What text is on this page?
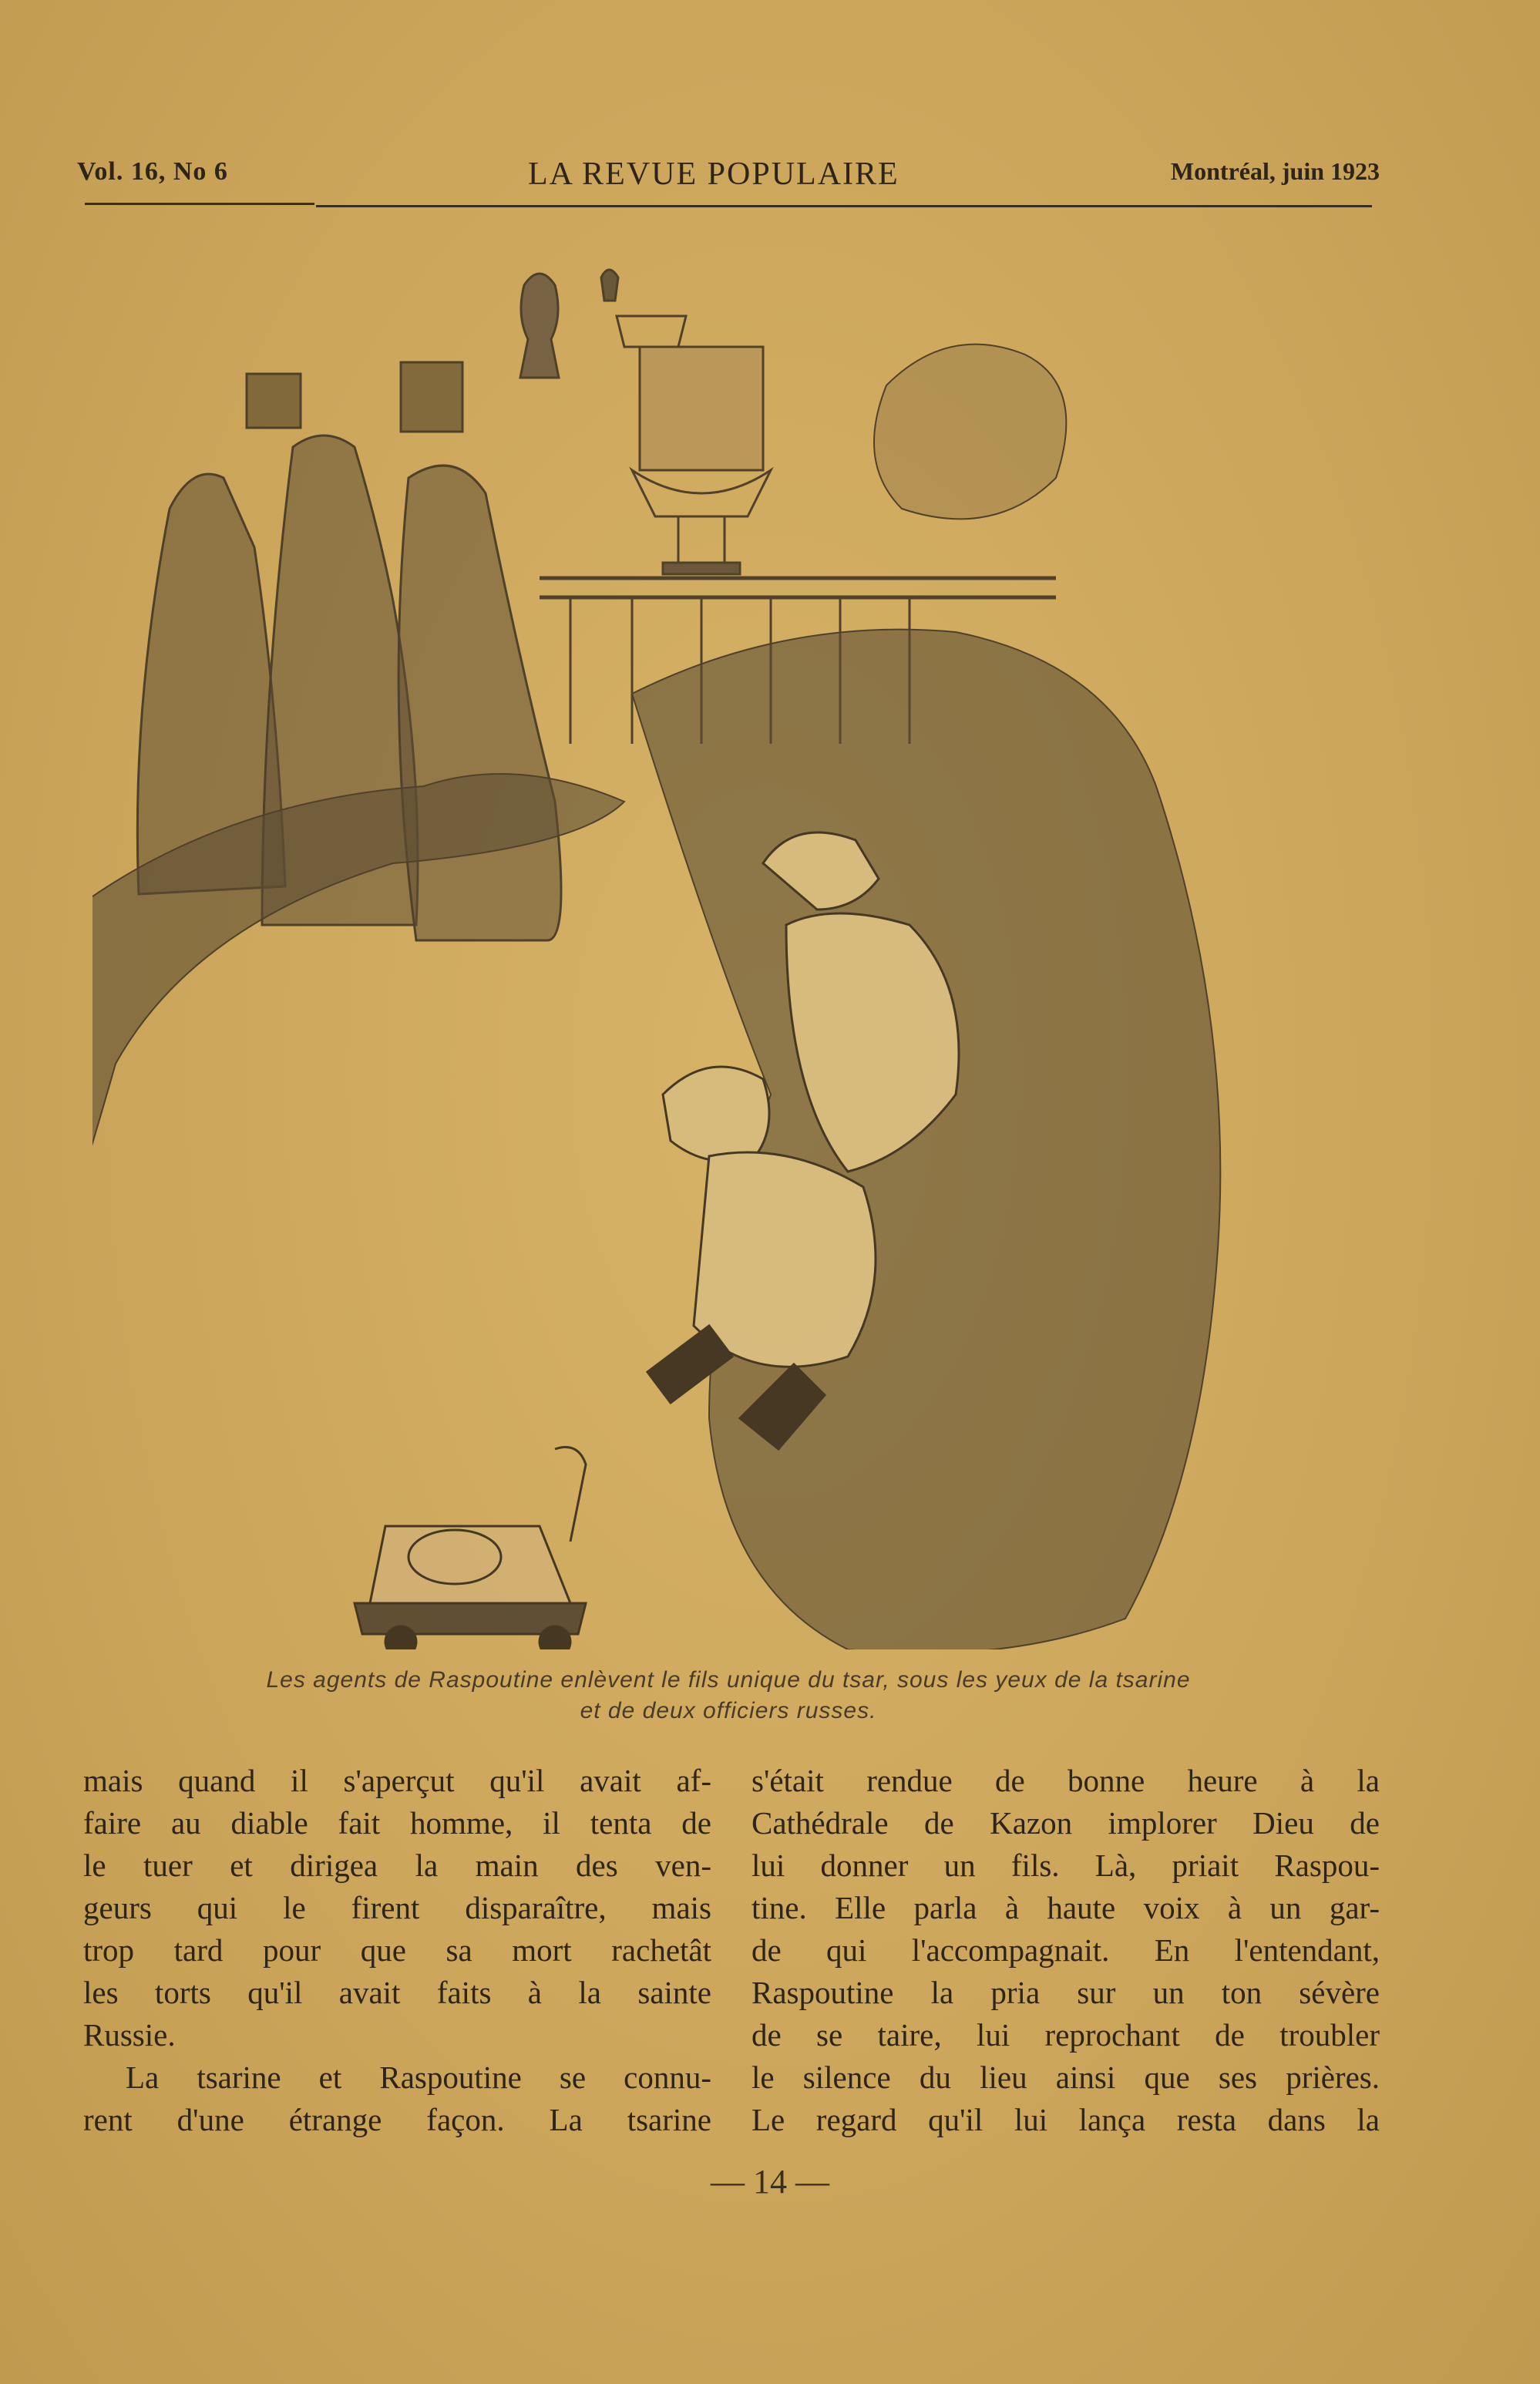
Vol. 16, No 6	LA REVUE POPULAIRE	Montréal, juin 1923
Les agents de Raspoutine enlèvent le fils unique du tsar, sous les yeux de la tsarine
et de deux officiers russes.

mais quand il s'aperçut qu'il avait af-
faire au diable fait homme, il tenta de
le tuer et dirigea la main des ven-
geurs qui le firent disparaître, mais
trop tard pour que sa mort rachetât
les torts qu'il avait faits à la sainte
Russie.

La tsarine et Raspoutine se connu-
rent d'une étrange façon. La tsarine

s'était rendue de bonne heure à la
Cathédrale de Kazon implorer Dieu de
lui donner un fils. Là, priait Raspou-
tine. Elle parla à haute voix à un gar-
de qui l'accompagnait. En l'entendant,
Raspoutine la pria sur un ton sévère
de se taire, lui reprochant de troubler
le silence du lieu ainsi que ses prières.
Le regard qu'il lui lança resta dans la

— 14 —
